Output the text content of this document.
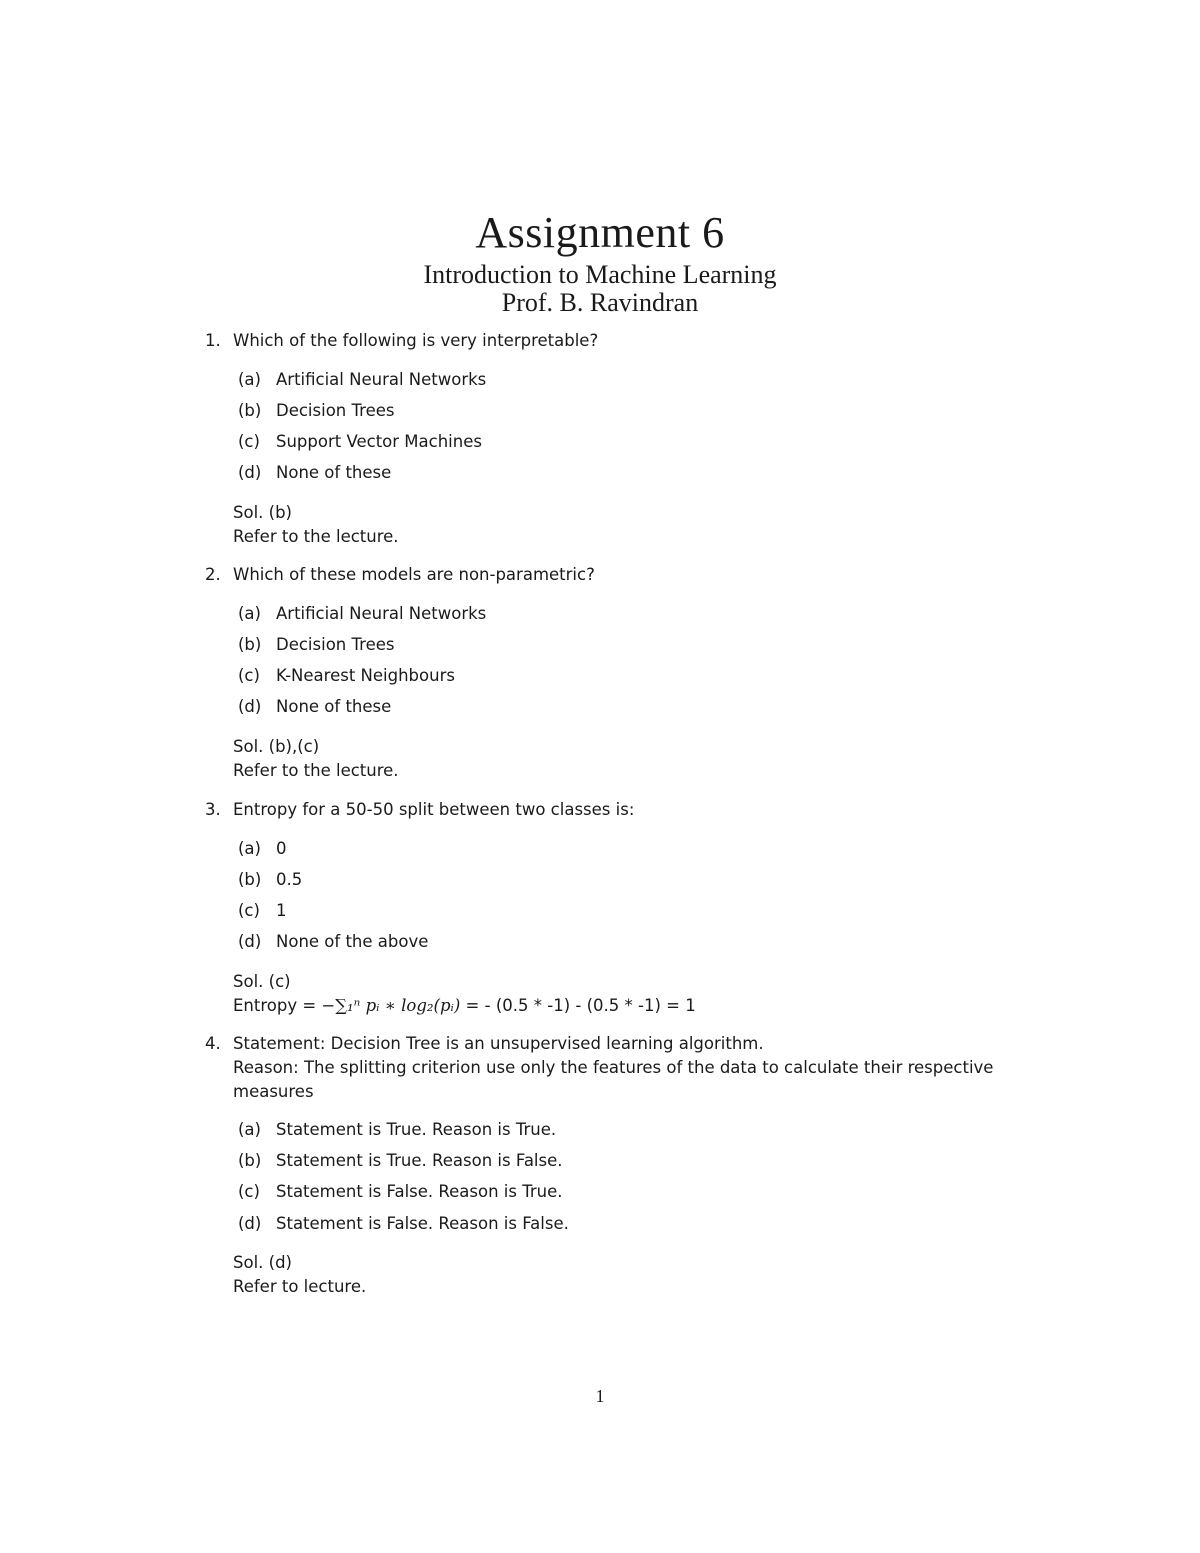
Assignment 6
Introduction to Machine Learning
Prof. B. Ravindran
1. Which of the following is very interpretable?
(a) Artificial Neural Networks
(b) Decision Trees
(c) Support Vector Machines
(d) None of these
Sol. (b)
Refer to the lecture.
2. Which of these models are non-parametric?
(a) Artificial Neural Networks
(b) Decision Trees
(c) K-Nearest Neighbours
(d) None of these
Sol. (b),(c)
Refer to the lecture.
3. Entropy for a 50-50 split between two classes is:
(a) 0
(b) 0.5
(c) 1
(d) None of the above
Sol. (c)
Entropy = −∑₁ⁿ pᵢ ∗ log₂(pᵢ) = - (0.5 * -1) - (0.5 * -1) = 1
4. Statement: Decision Tree is an unsupervised learning algorithm.
Reason: The splitting criterion use only the features of the data to calculate their respective
measures
(a) Statement is True. Reason is True.
(b) Statement is True. Reason is False.
(c) Statement is False. Reason is True.
(d) Statement is False. Reason is False.
Sol. (d)
Refer to lecture.
1
